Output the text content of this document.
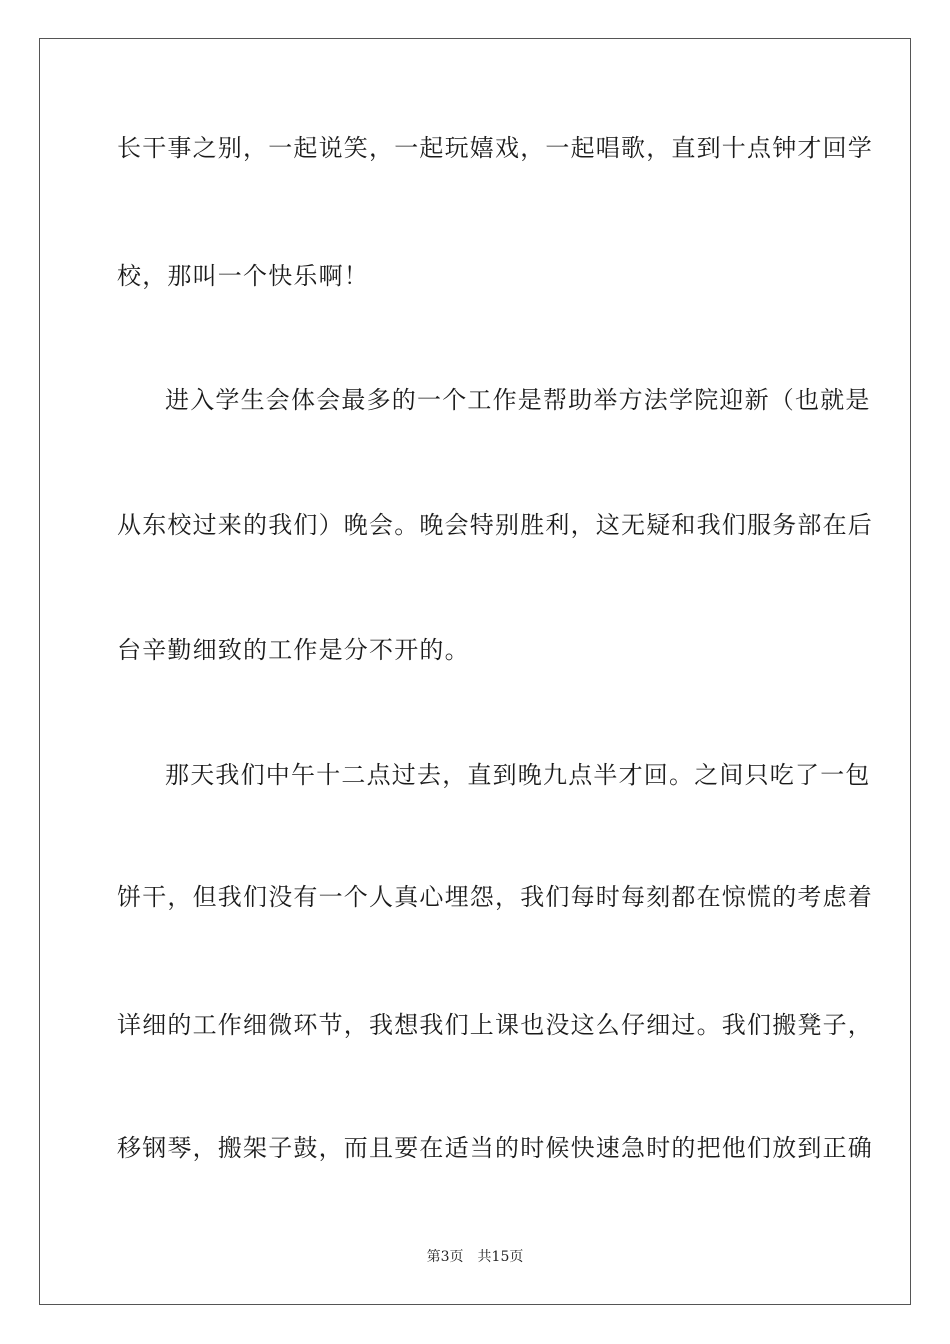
长干事之别，一起说笑，一起玩嬉戏，一起唱歌，直到十点钟才回学
校，那叫一个快乐啊！
进入学生会体会最多的一个工作是帮助举方法学院迎新（也就是
从东校过来的我们）晚会。晚会特别胜利，这无疑和我们服务部在后
台辛勤细致的工作是分不开的。
那天我们中午十二点过去，直到晚九点半才回。之间只吃了一包
饼干，但我们没有一个人真心埋怨，我们每时每刻都在惊慌的考虑着
详细的工作细微环节，我想我们上课也没这么仔细过。我们搬凳子，
移钢琴，搬架子鼓，而且要在适当的时候快速急时的把他们放到正确
第3页 共15页
